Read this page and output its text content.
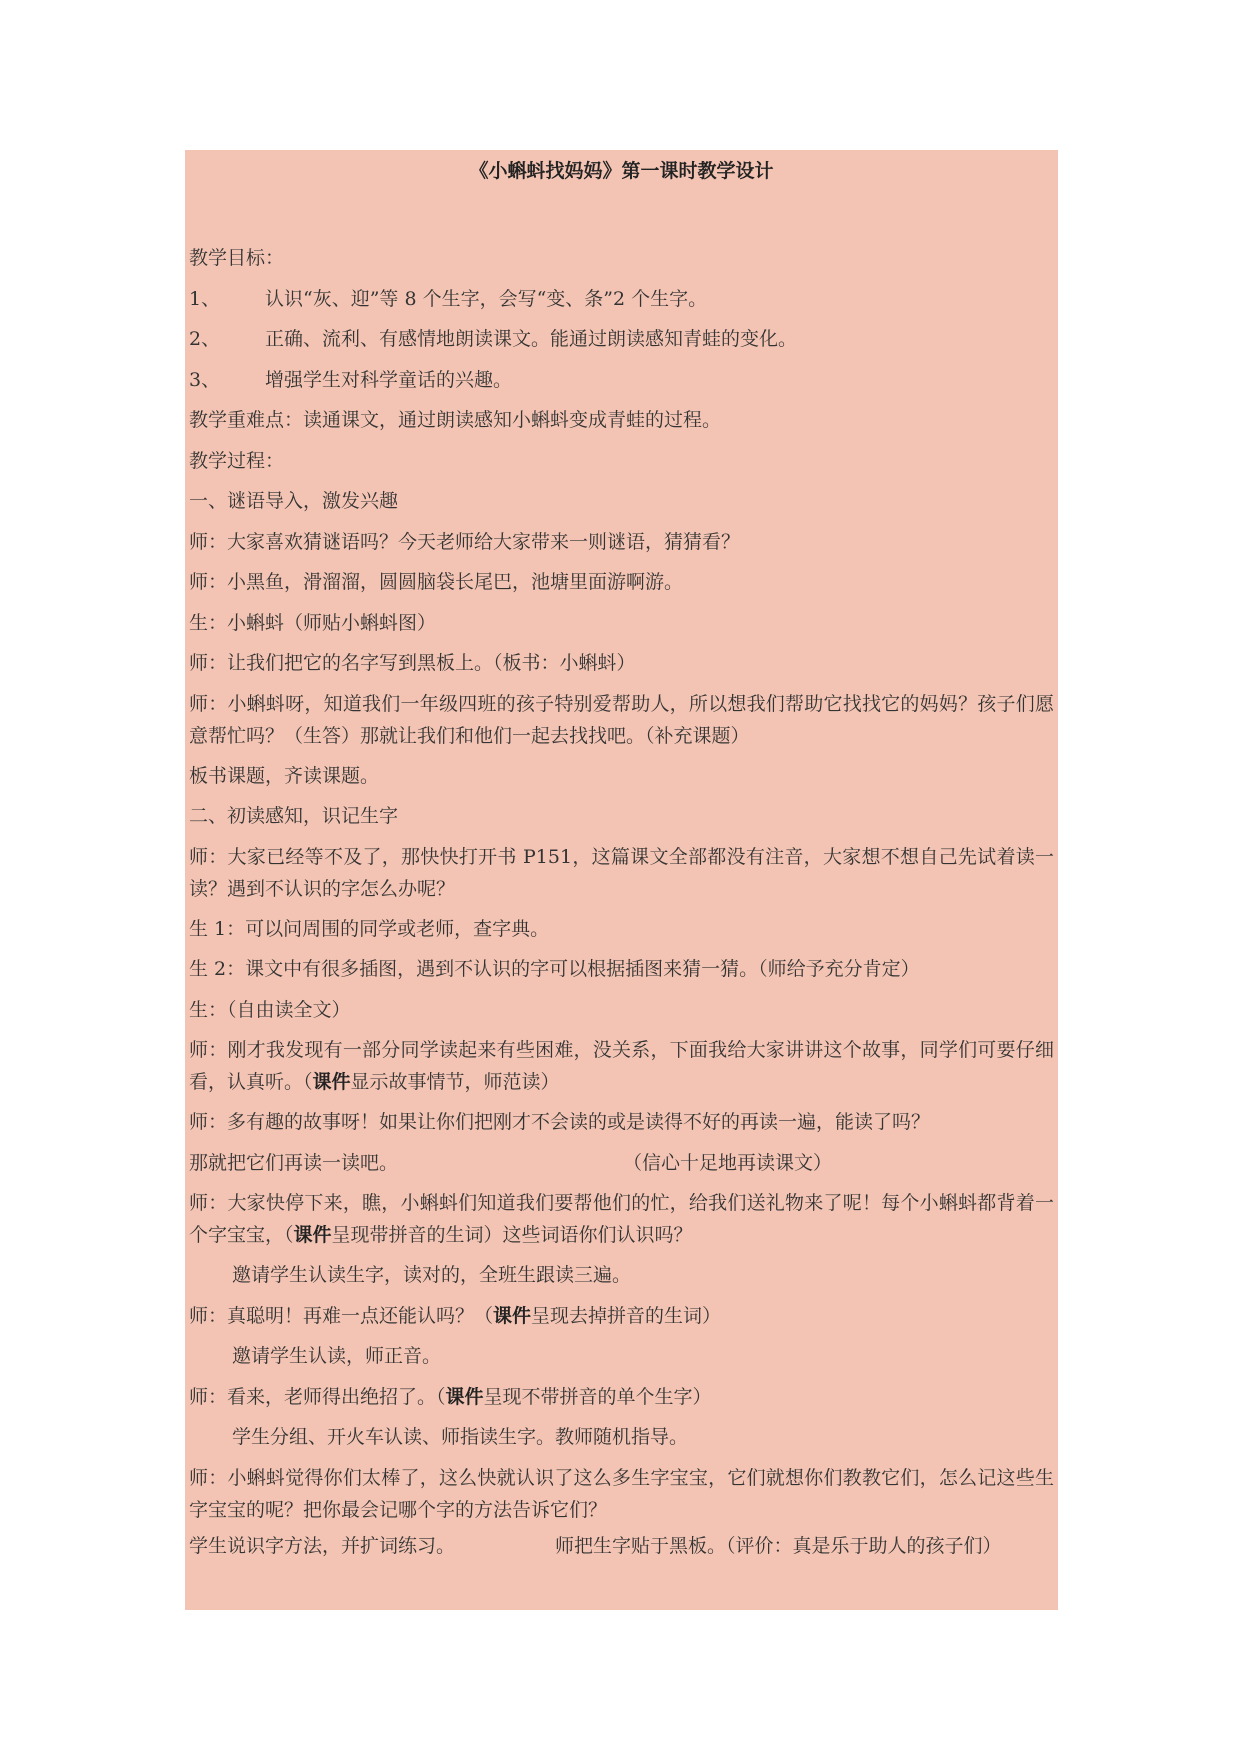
《小蝌蚪找妈妈》第一课时教学设计

教学目标：

1、 认识“灰、迎”等 8 个生字，会写“变、条”2 个生字。

2、 正确、流利、有感情地朗读课文。能通过朗读感知青蛙的变化。

3、 增强学生对科学童话的兴趣。

教学重难点：读通课文，通过朗读感知小蝌蚪变成青蛙的过程。

教学过程：

一、谜语导入，激发兴趣

师：大家喜欢猜谜语吗？今天老师给大家带来一则谜语，猜猜看？

师：小黑鱼，滑溜溜，圆圆脑袋长尾巴，池塘里面游啊游。

生：小蝌蚪（师贴小蝌蚪图）

师：让我们把它的名字写到黑板上。（板书：小蝌蚪）

师：小蝌蚪呀，知道我们一年级四班的孩子特别爱帮助人，所以想我们帮助它找找它的妈妈？孩子们愿意帮忙吗？（生答）那就让我们和他们一起去找找吧。（补充课题）

板书课题，齐读课题。

二、初读感知，识记生字

师：大家已经等不及了，那快快打开书 P151，这篇课文全部都没有注音，大家想不想自己先试着读一读？遇到不认识的字怎么办呢？

生 1：可以问周围的同学或老师，查字典。

生 2：课文中有很多插图，遇到不认识的字可以根据插图来猜一猜。（师给予充分肯定）

生：（自由读全文）

师：刚才我发现有一部分同学读起来有些困难，没关系，下面我给大家讲讲这个故事，同学们可要仔细看，认真听。（课件显示故事情节，师范读）

师：多有趣的故事呀！如果让你们把刚才不会读的或是读得不好的再读一遍，能读了吗？

那就把它们再读一读吧。	（信心十足地再读课文）

师：大家快停下来，瞧，小蝌蚪们知道我们要帮他们的忙，给我们送礼物来了呢！每个小蝌蚪都背着一个字宝宝，（课件呈现带拼音的生词）这些词语你们认识吗？

邀请学生认读生字，读对的，全班生跟读三遍。

师：真聪明！再难一点还能认吗？（课件呈现去掉拼音的生词）

邀请学生认读，师正音。

师：看来，老师得出绝招了。（课件呈现不带拼音的单个生字）

学生分组、开火车认读、师指读生字。教师随机指导。

师：小蝌蚪觉得你们太棒了，这么快就认识了这么多生字宝宝，它们就想你们教教它们，怎么记这些生字宝宝的呢？把你最会记哪个字的方法告诉它们？

学生说识字方法，并扩词练习。	师把生字贴于黑板。（评价：真是乐于助人的孩子们）
